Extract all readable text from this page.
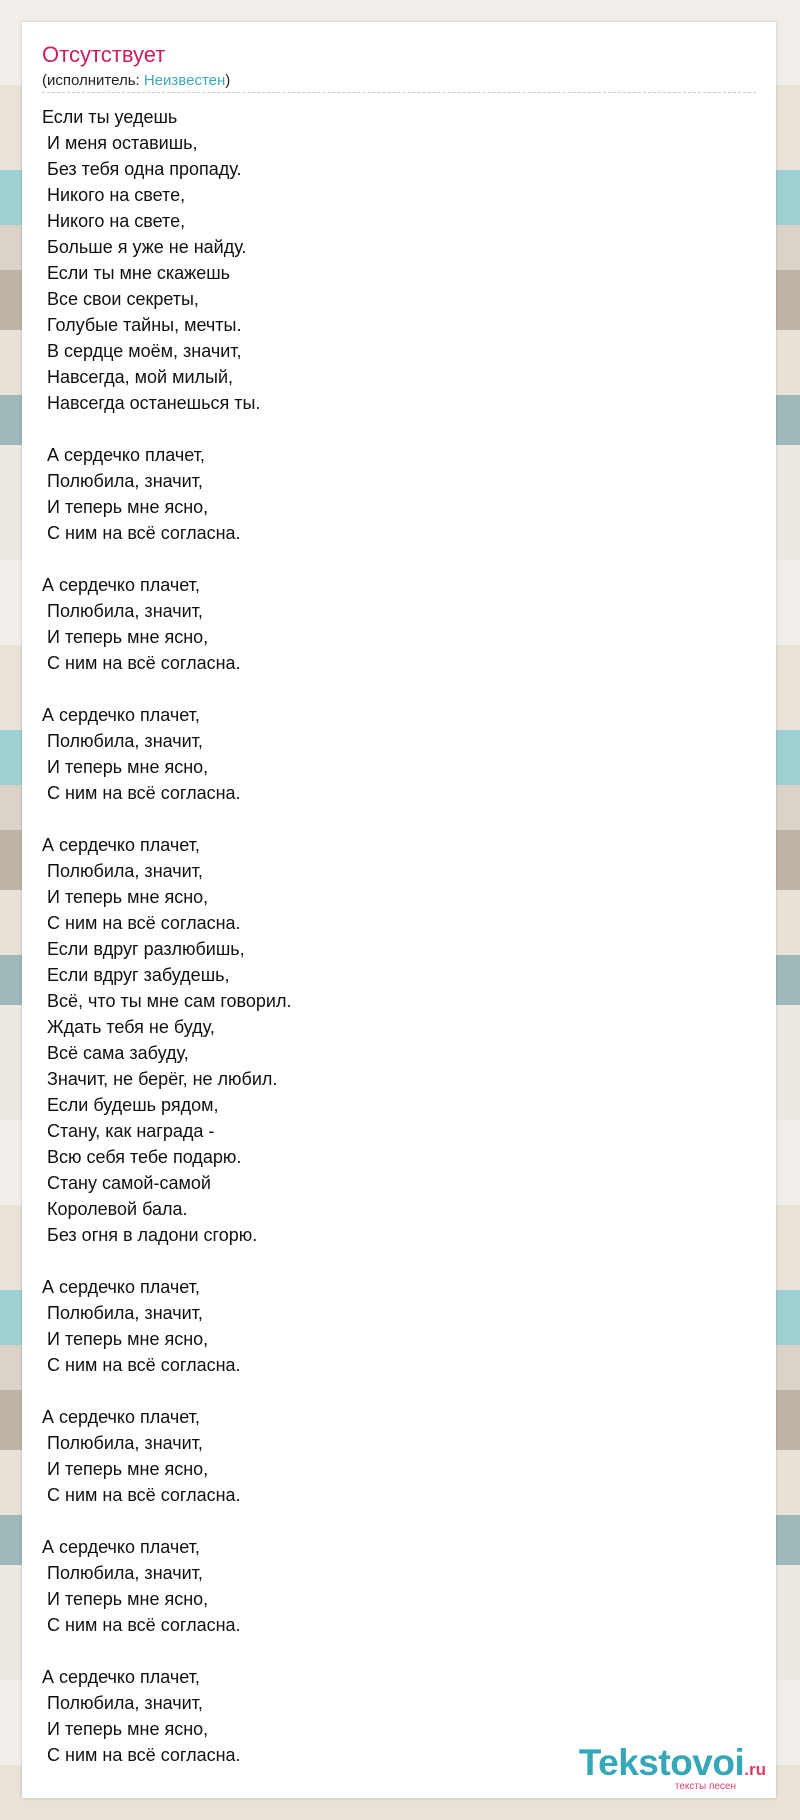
Отсутствует
(исполнитель: Неизвестен)
Если ты уедешь
И меня оставишь,
Без тебя одна пропаду.
Никого на свете,
Никого на свете,
Больше я уже не найду.
Если ты мне скажешь
Все свои секреты,
Голубые тайны, мечты.
В сердце моём, значит,
Навсегда, мой милый,
Навсегда останешься ты.

А сердечко плачет,
Полюбила, значит,
И теперь мне ясно,
С ним на всё согласна.

А сердечко плачет,
Полюбила, значит,
И теперь мне ясно,
С ним на всё согласна.

А сердечко плачет,
Полюбила, значит,
И теперь мне ясно,
С ним на всё согласна.

А сердечко плачет,
Полюбила, значит,
И теперь мне ясно,
С ним на всё согласна.
Если вдруг разлюбишь,
Если вдруг забудешь,
Всё, что ты мне сам говорил.
Ждать тебя не буду,
Всё сама забуду,
Значит, не берёг, не любил.
Если будешь рядом,
Стану, как награда -
Всю себя тебе подарю.
Стану самой-самой
Королевой бала.
Без огня в ладони сгорю.

А сердечко плачет,
Полюбила, значит,
И теперь мне ясно,
С ним на всё согласна.

А сердечко плачет,
Полюбила, значит,
И теперь мне ясно,
С ним на всё согласна.

А сердечко плачет,
Полюбила, значит,
И теперь мне ясно,
С ним на всё согласна.

А сердечко плачет,
Полюбила, значит,
И теперь мне ясно,
С ним на всё согласна.	Tekstovoi.ru
тексты песен
